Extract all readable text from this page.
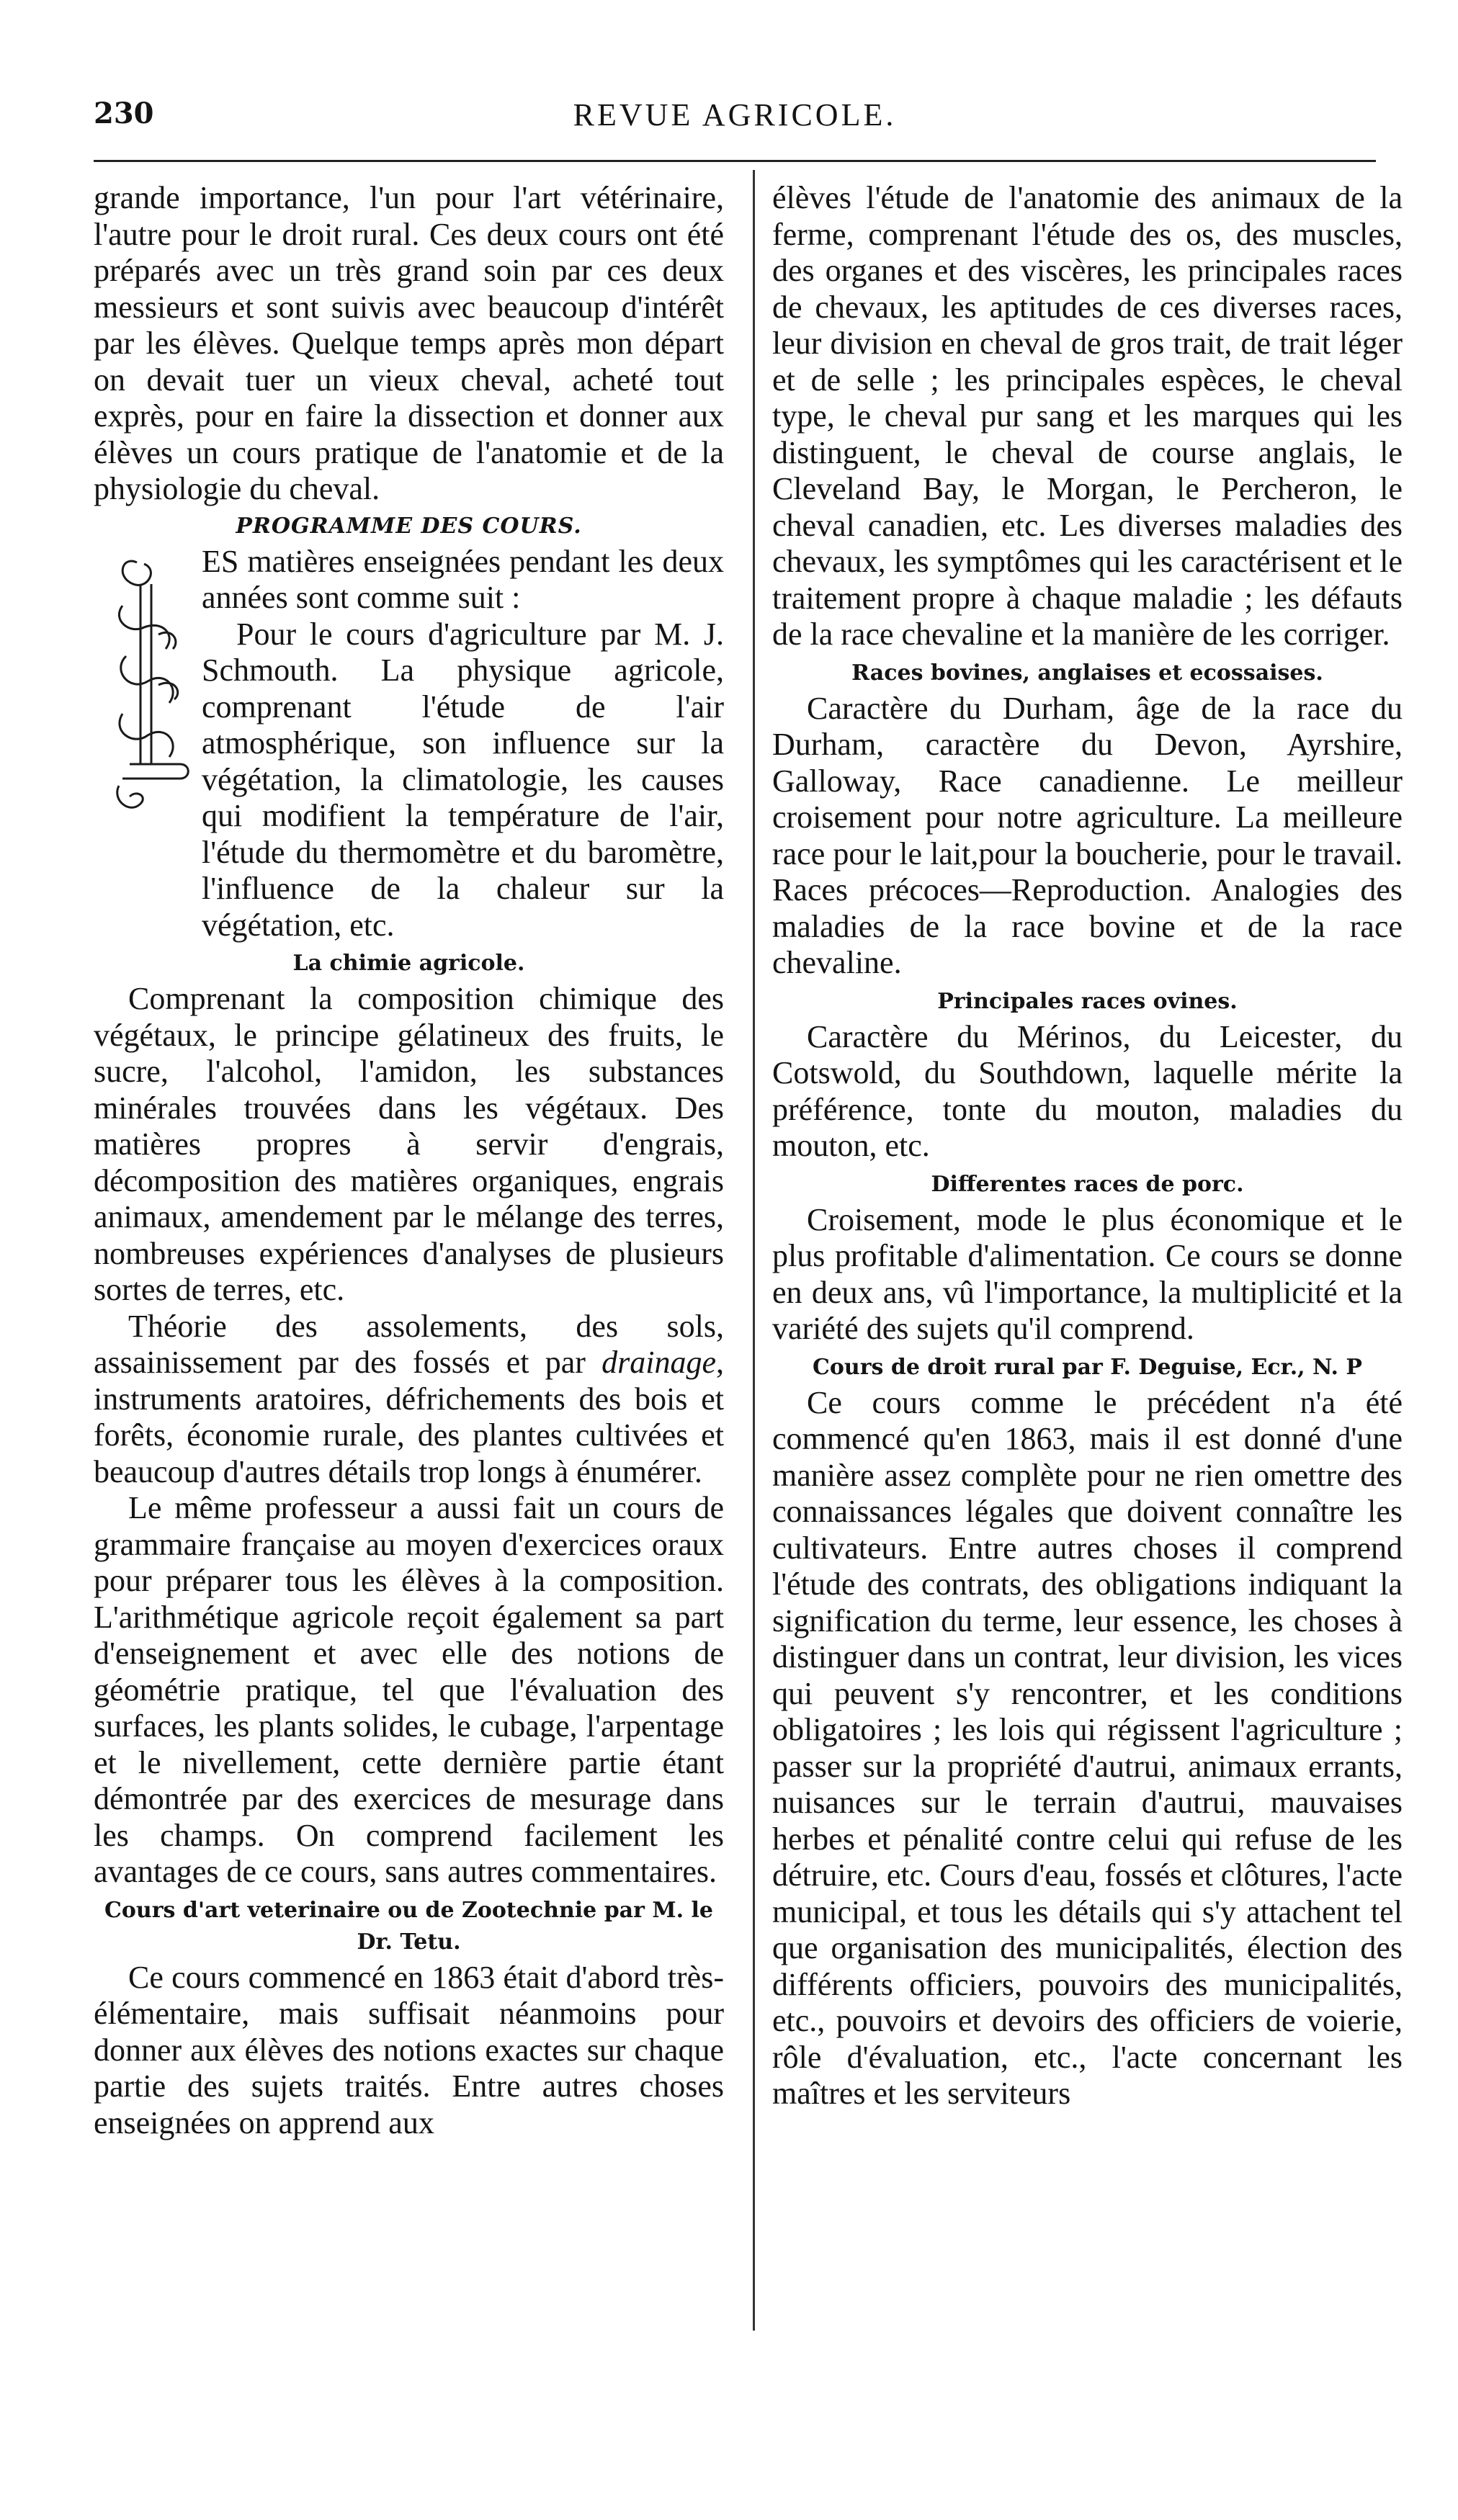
230	REVUE AGRICOLE.

grande importance, l'un pour l'art vétérinaire, l'autre pour le droit rural. Ces deux cours ont été préparés avec un très grand soin par ces deux messieurs et sont suivis avec beaucoup d'intérêt par les élèves. Quelque temps après mon départ on devait tuer un vieux cheval, acheté tout exprès, pour en faire la dissection et donner aux élèves un cours pratique de l'anatomie et de la physiologie du cheval.

PROGRAMME DES COURS.

ES matières enseignées pendant les deux années sont comme suit :

Pour le cours d'agriculture par M. J. Schmouth. La physique agricole, comprenant l'étude de l'air atmosphérique, son influence sur la végétation, la climatologie, les causes qui modifient la température de l'air, l'étude du thermomètre et du baromètre, l'influence de la chaleur sur la végétation, etc.

La chimie agricole.

Comprenant la composition chimique des végétaux, le principe gélatineux des fruits, le sucre, l'alcohol, l'amidon, les substances minérales trouvées dans les végétaux. Des matières propres à servir d'engrais, décomposition des matières organiques, engrais animaux, amendement par le mélange des terres, nombreuses expériences d'analyses de plusieurs sortes de terres, etc.

Théorie des assolements, des sols, assainissement par des fossés et par drainage, instruments aratoires, défrichements des bois et forêts, économie rurale, des plantes cultivées et beaucoup d'autres détails trop longs à énumérer.

Le même professeur a aussi fait un cours de grammaire française au moyen d'exercices oraux pour préparer tous les élèves à la composition. L'arithmétique agricole reçoit également sa part d'enseignement et avec elle des notions de géométrie pratique, tel que l'évaluation des surfaces, les plants solides, le cubage, l'arpentage et le nivellement, cette dernière partie étant démontrée par des exercices de mesurage dans les champs. On comprend facilement les avantages de ce cours, sans autres commentaires.

Cours d'art veterinaire ou de Zootechnie par M. le Dr. Tetu.

Ce cours commencé en 1863 était d'abord très-élémentaire, mais suffisait néanmoins pour donner aux élèves des notions exactes sur chaque partie des sujets traités. Entre autres choses enseignées on apprend aux

élèves l'étude de l'anatomie des animaux de la ferme, comprenant l'étude des os, des muscles, des organes et des viscères, les principales races de chevaux, les aptitudes de ces diverses races, leur division en cheval de gros trait, de trait léger et de selle ; les principales espèces, le cheval type, le cheval pur sang et les marques qui les distinguent, le cheval de course anglais, le Cleveland Bay, le Morgan, le Percheron, le cheval canadien, etc. Les diverses maladies des chevaux, les symptômes qui les caractérisent et le traitement propre à chaque maladie ; les défauts de la race chevaline et la manière de les corriger.

Races bovines, anglaises et ecossaises.

Caractère du Durham, âge de la race du Durham, caractère du Devon, Ayrshire, Galloway, Race canadienne. Le meilleur croisement pour notre agriculture. La meilleure race pour le lait,pour la boucherie, pour le travail. Races précoces—Reproduction. Analogies des maladies de la race bovine et de la race chevaline.

Principales races ovines.

Caractère du Mérinos, du Leicester, du Cotswold, du Southdown, laquelle mérite la préférence, tonte du mouton, maladies du mouton, etc.

Differentes races de porc.

Croisement, mode le plus économique et le plus profitable d'alimentation. Ce cours se donne en deux ans, vû l'importance, la multiplicité et la variété des sujets qu'il comprend.

Cours de droit rural par F. Deguise, Ecr., N. P

Ce cours comme le précédent n'a été commencé qu'en 1863, mais il est donné d'une manière assez complète pour ne rien omettre des connaissances légales que doivent connaître les cultivateurs. Entre autres choses il comprend l'étude des contrats, des obligations indiquant la signification du terme, leur essence, les choses à distinguer dans un contrat, leur division, les vices qui peuvent s'y rencontrer, et les conditions obligatoires ; les lois qui régissent l'agriculture ; passer sur la propriété d'autrui, animaux errants, nuisances sur le terrain d'autrui, mauvaises herbes et pénalité contre celui qui refuse de les détruire, etc. Cours d'eau, fossés et clôtures, l'acte municipal, et tous les détails qui s'y attachent tel que organisation des municipalités, élection des différents officiers, pouvoirs des municipalités, etc., pouvoirs et devoirs des officiers de voierie, rôle d'évaluation, etc., l'acte concernant les maîtres et les serviteurs
